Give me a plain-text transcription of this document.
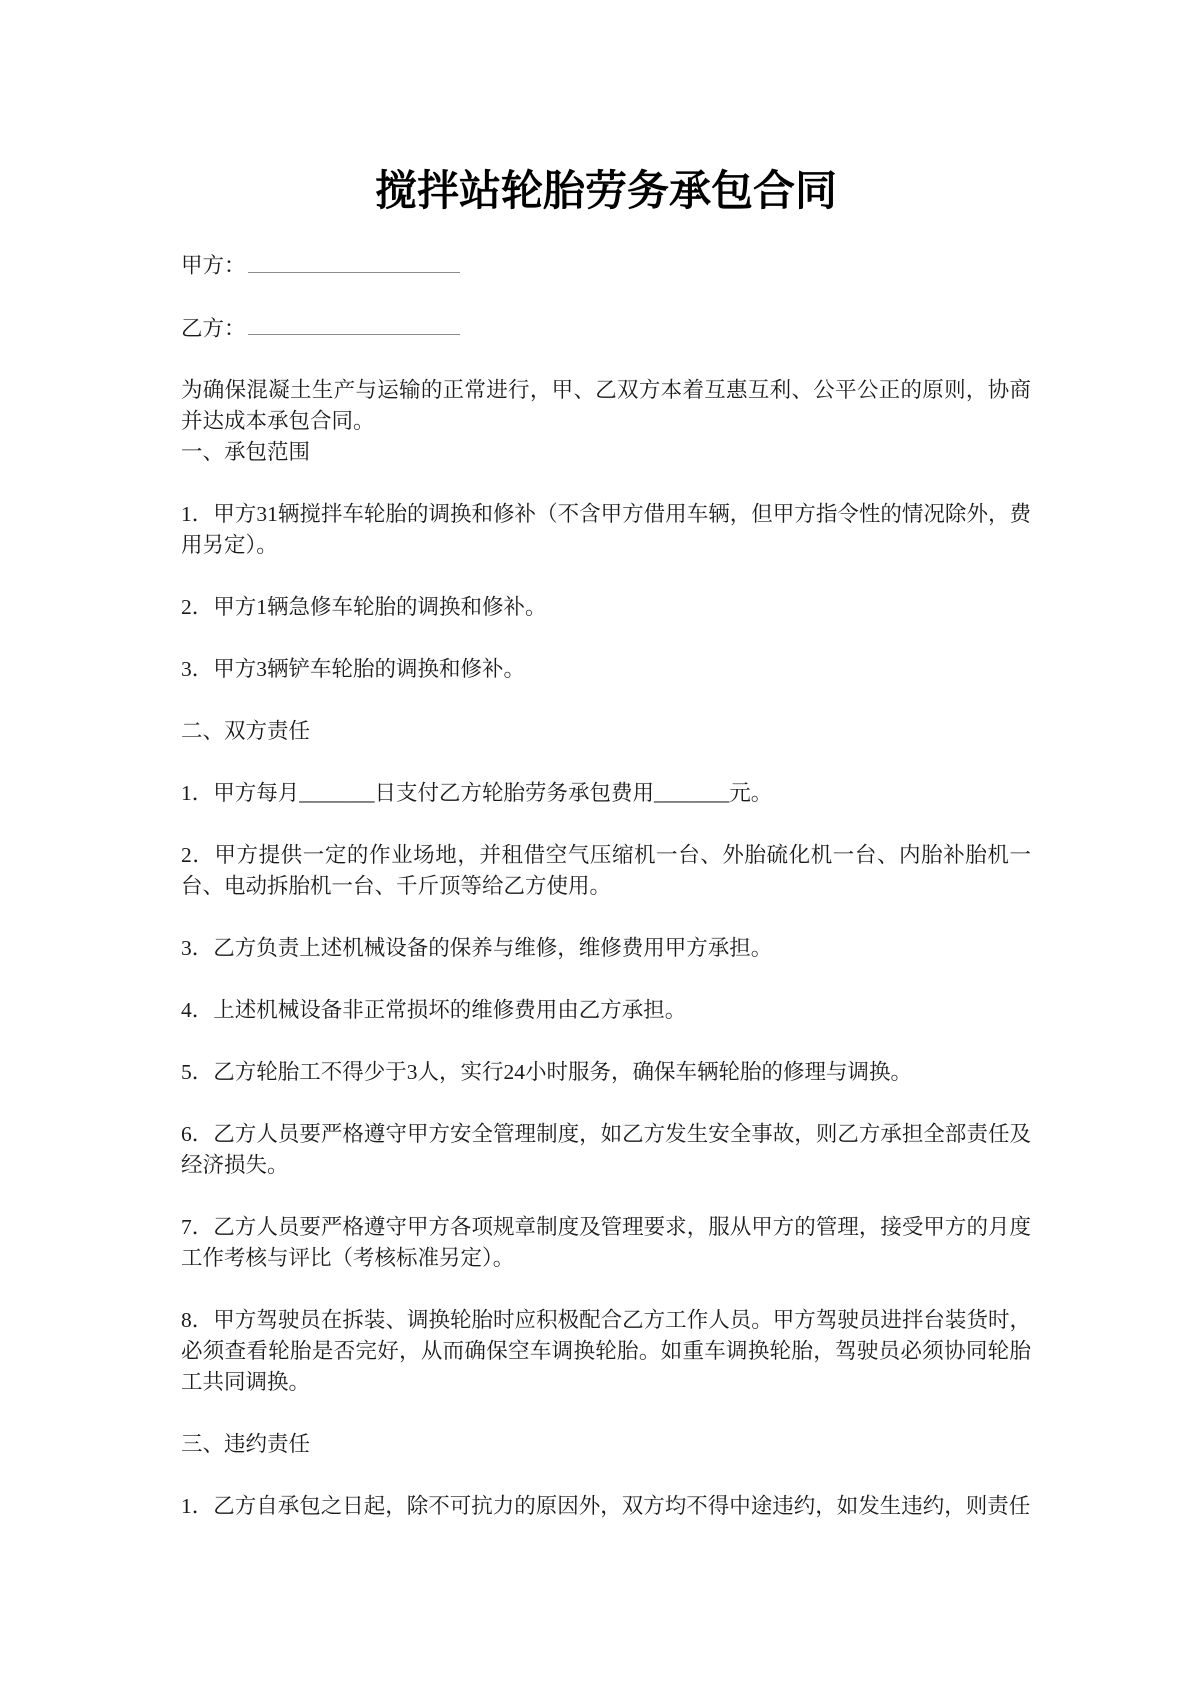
搅拌站轮胎劳务承包合同
甲方：
乙方：

为确保混凝土生产与运输的正常进行，甲、乙双方本着互惠互利、公平公正的原则，协商并达成本承包合同。

一、承包范围

1．甲方31辆搅拌车轮胎的调换和修补（不含甲方借用车辆，但甲方指令性的情况除外，费用另定）。

2．甲方1辆急修车轮胎的调换和修补。

3．甲方3辆铲车轮胎的调换和修补。

二、双方责任

1．甲方每月_______日支付乙方轮胎劳务承包费用_______元。

2．甲方提供一定的作业场地，并租借空气压缩机一台、外胎硫化机一台、内胎补胎机一台、电动拆胎机一台、千斤顶等给乙方使用。

3．乙方负责上述机械设备的保养与维修，维修费用甲方承担。

4．上述机械设备非正常损坏的维修费用由乙方承担。

5．乙方轮胎工不得少于3人，实行24小时服务，确保车辆轮胎的修理与调换。

6．乙方人员要严格遵守甲方安全管理制度，如乙方发生安全事故，则乙方承担全部责任及经济损失。

7．乙方人员要严格遵守甲方各项规章制度及管理要求，服从甲方的管理，接受甲方的月度工作考核与评比（考核标准另定）。

8．甲方驾驶员在拆装、调换轮胎时应积极配合乙方工作人员。甲方驾驶员进拌台装货时，必须查看轮胎是否完好，从而确保空车调换轮胎。如重车调换轮胎，驾驶员必须协同轮胎工共同调换。

三、违约责任

1．乙方自承包之日起，除不可抗力的原因外，双方均不得中途违约，如发生违约，则责任
